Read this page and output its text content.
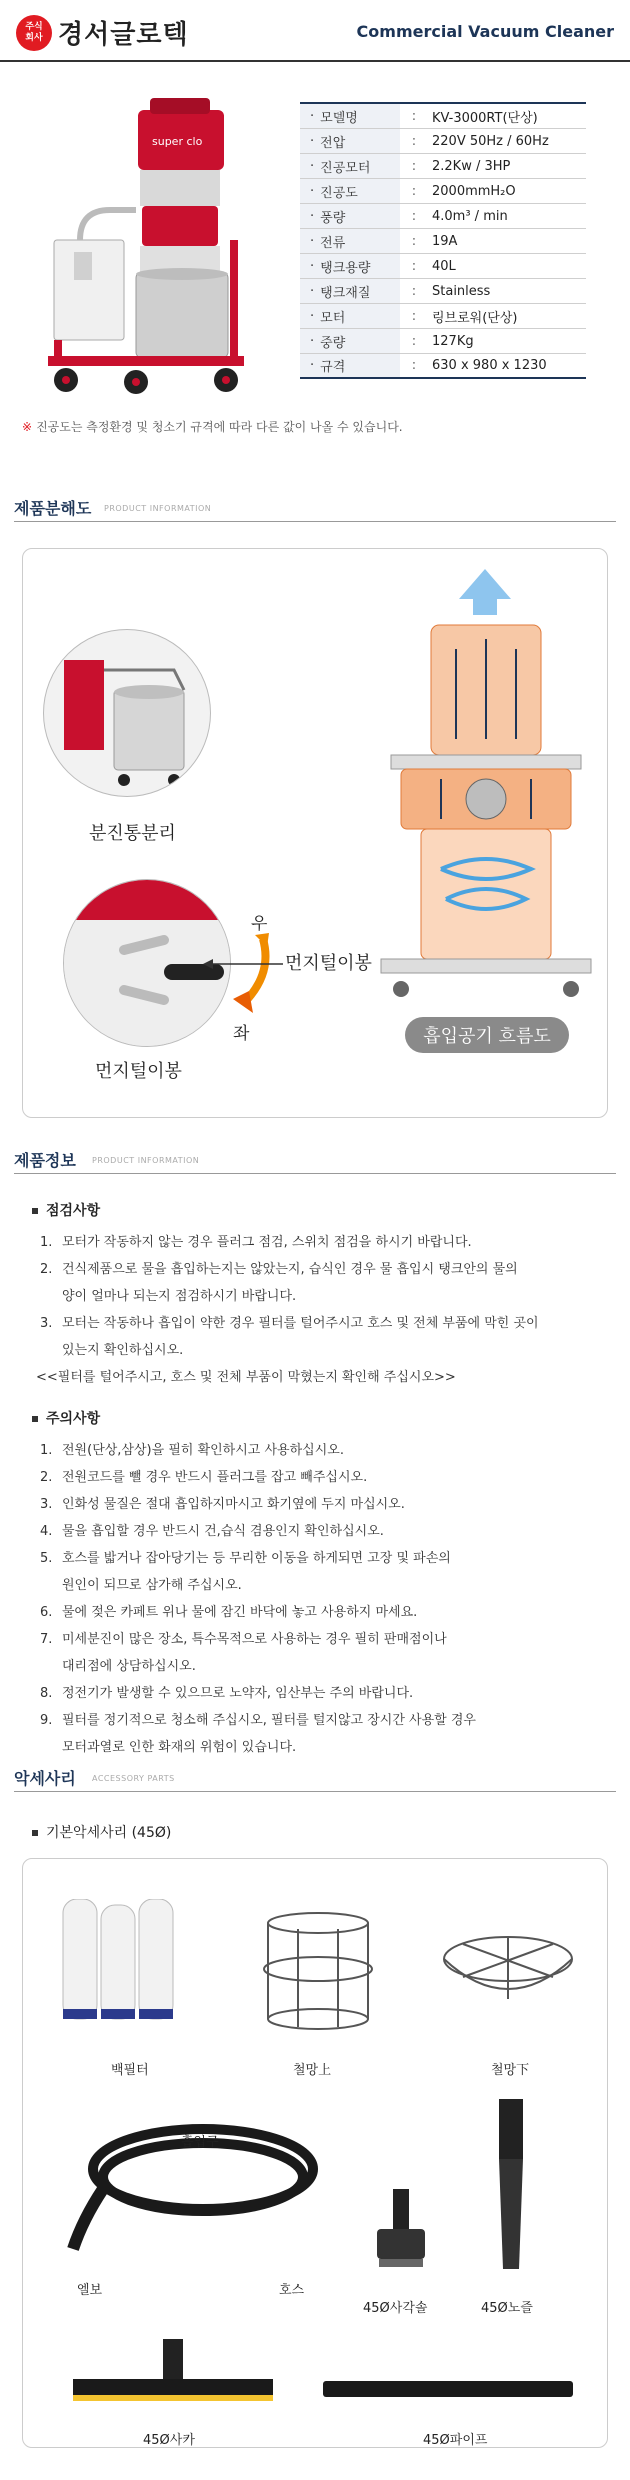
주식
회사 경서글로텍	Commercial Vacuum Cleaner
super clo
· 모델명	:	KV-3000RT(단상)
· 전압	:	220V 50Hz / 60Hz
· 진공모터	:	2.2Kw / 3HP
· 진공도	:	2000mmH₂O
· 풍량	:	4.0m³ / min
· 전류	:	19A
· 탱크용량	:	40L
· 탱크재질	:	Stainless
· 모터	:	링브로워(단상)
· 중량	:	127Kg
· 규격	:	630 x 980 x 1230
※ 진공도는 측정환경 및 청소기 규격에 따라 다른 값이 나올 수 있습니다.
제품분해도 PRODUCT INFORMATION
분진통분리
우
좌
먼지털이봉
먼지털이봉
흡입공기 흐름도
제품정보 PRODUCT INFORMATION
점검사항
1. 모터가 작동하지 않는 경우 플러그 점검, 스위치 점검을 하시기 바랍니다.
2. 건식제품으로 물을 흡입하는지는 않았는지, 습식인 경우 물 흡입시 탱크안의 물의
양이 얼마나 되는지 점검하시기 바랍니다.
3. 모터는 작동하나 흡입이 약한 경우 필터를 털어주시고 호스 및 전체 부품에 막힌 곳이
있는지 확인하십시오.
<<필터를 털어주시고, 호스 및 전체 부품이 막혔는지 확인해 주십시오>>
주의사항
1. 전원(단상,삼상)을 필히 확인하시고 사용하십시오.
2. 전원코드를 뺄 경우 반드시 플러그를 잡고 빼주십시오.
3. 인화성 물질은 절대 흡입하지마시고 화기옆에 두지 마십시오.
4. 물을 흡입할 경우 반드시 건,습식 겸용인지 확인하십시오.
5. 호스를 밟거나 잡아당기는 등 무리한 이동을 하게되면 고장 및 파손의
원인이 되므로 삼가해 주십시오.
6. 물에 젖은 카페트 위나 물에 잠긴 바닥에 놓고 사용하지 마세요.
7. 미세분진이 많은 장소, 특수목적으로 사용하는 경우 필히 판매점이나
대리점에 상담하십시오.
8. 정전기가 발생할 수 있으므로 노약자, 임산부는 주의 바랍니다.
9. 필터를 정기적으로 청소해 주십시오, 필터를 털지않고 장시간 사용할 경우
모터과열로 인한 화재의 위험이 있습니다.
악세사리 ACCESSORY PARTS
기본악세사리 (45Ø)
백필터	철망上	철망下
흡입구
엘보	호스
45Ø사각솔	45Ø노즐
45Ø사카	45Ø파이프
